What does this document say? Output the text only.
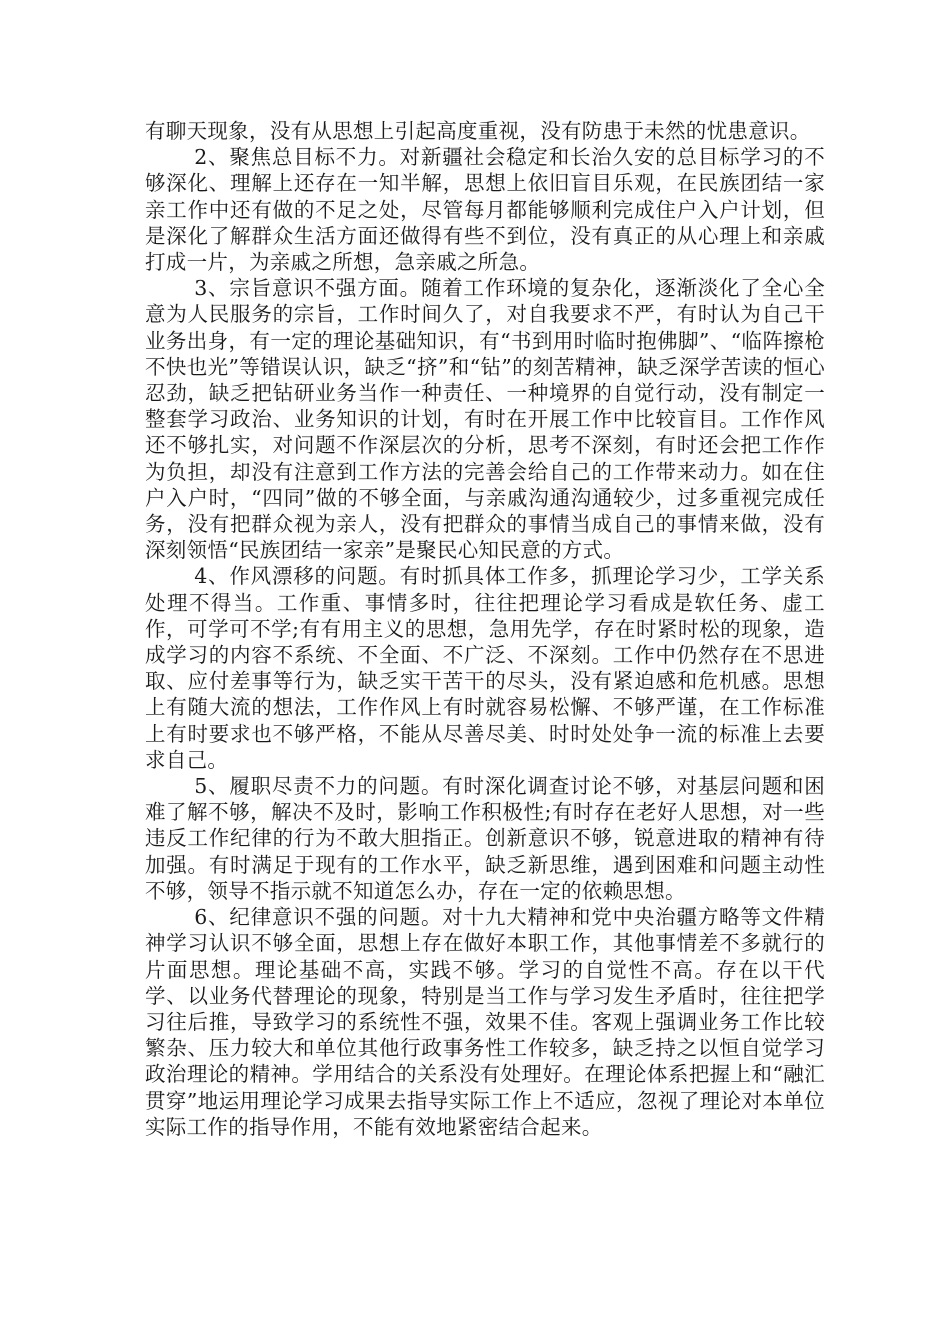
有聊天现象，没有从思想上引起高度重视，没有防患于未然的忧患意识。

2、聚焦总目标不力。对新疆社会稳定和长治久安的总目标学习的不够深化、理解上还存在一知半解，思想上依旧盲目乐观，在民族团结一家亲工作中还有做的不足之处，尽管每月都能够顺利完成住户入户计划，但是深化了解群众生活方面还做得有些不到位，没有真正的从心理上和亲戚打成一片，为亲戚之所想，急亲戚之所急。

3、宗旨意识不强方面。随着工作环境的复杂化，逐渐淡化了全心全意为人民服务的宗旨，工作时间久了，对自我要求不严，有时认为自己干业务出身，有一定的理论基础知识，有“书到用时临时抱佛脚”、“临阵擦枪不快也光”等错误认识，缺乏“挤”和“钻”的刻苦精神，缺乏深学苦读的恒心忍劲，缺乏把钻研业务当作一种责任、一种境界的自觉行动，没有制定一整套学习政治、业务知识的计划，有时在开展工作中比较盲目。工作作风还不够扎实，对问题不作深层次的分析，思考不深刻，有时还会把工作作为负担，却没有注意到工作方法的完善会给自己的工作带来动力。如在住户入户时，“四同”做的不够全面，与亲戚沟通沟通较少，过多重视完成任务，没有把群众视为亲人，没有把群众的事情当成自己的事情来做，没有深刻领悟“民族团结一家亲”是聚民心知民意的方式。

4、作风漂移的问题。有时抓具体工作多，抓理论学习少，工学关系处理不得当。工作重、事情多时，往往把理论学习看成是软任务、虚工作，可学可不学;有有用主义的思想，急用先学，存在时紧时松的现象，造成学习的内容不系统、不全面、不广泛、不深刻。工作中仍然存在不思进取、应付差事等行为，缺乏实干苦干的尽头，没有紧迫感和危机感。思想上有随大流的想法，工作作风上有时就容易松懈、不够严谨，在工作标准上有时要求也不够严格，不能从尽善尽美、时时处处争一流的标准上去要求自己。

5、履职尽责不力的问题。有时深化调查讨论不够，对基层问题和困难了解不够，解决不及时，影响工作积极性;有时存在老好人思想，对一些违反工作纪律的行为不敢大胆指正。创新意识不够，锐意进取的精神有待加强。有时满足于现有的工作水平，缺乏新思维，遇到困难和问题主动性不够，领导不指示就不知道怎么办，存在一定的依赖思想。

6、纪律意识不强的问题。对十九大精神和党中央治疆方略等文件精神学习认识不够全面，思想上存在做好本职工作，其他事情差不多就行的片面思想。理论基础不高，实践不够。学习的自觉性不高。存在以干代学、以业务代替理论的现象，特别是当工作与学习发生矛盾时，往往把学习往后推，导致学习的系统性不强，效果不佳。客观上强调业务工作比较繁杂、压力较大和单位其他行政事务性工作较多，缺乏持之以恒自觉学习政治理论的精神。学用结合的关系没有处理好。在理论体系把握上和“融汇贯穿”地运用理论学习成果去指导实际工作上不适应，忽视了理论对本单位实际工作的指导作用，不能有效地紧密结合起来。
